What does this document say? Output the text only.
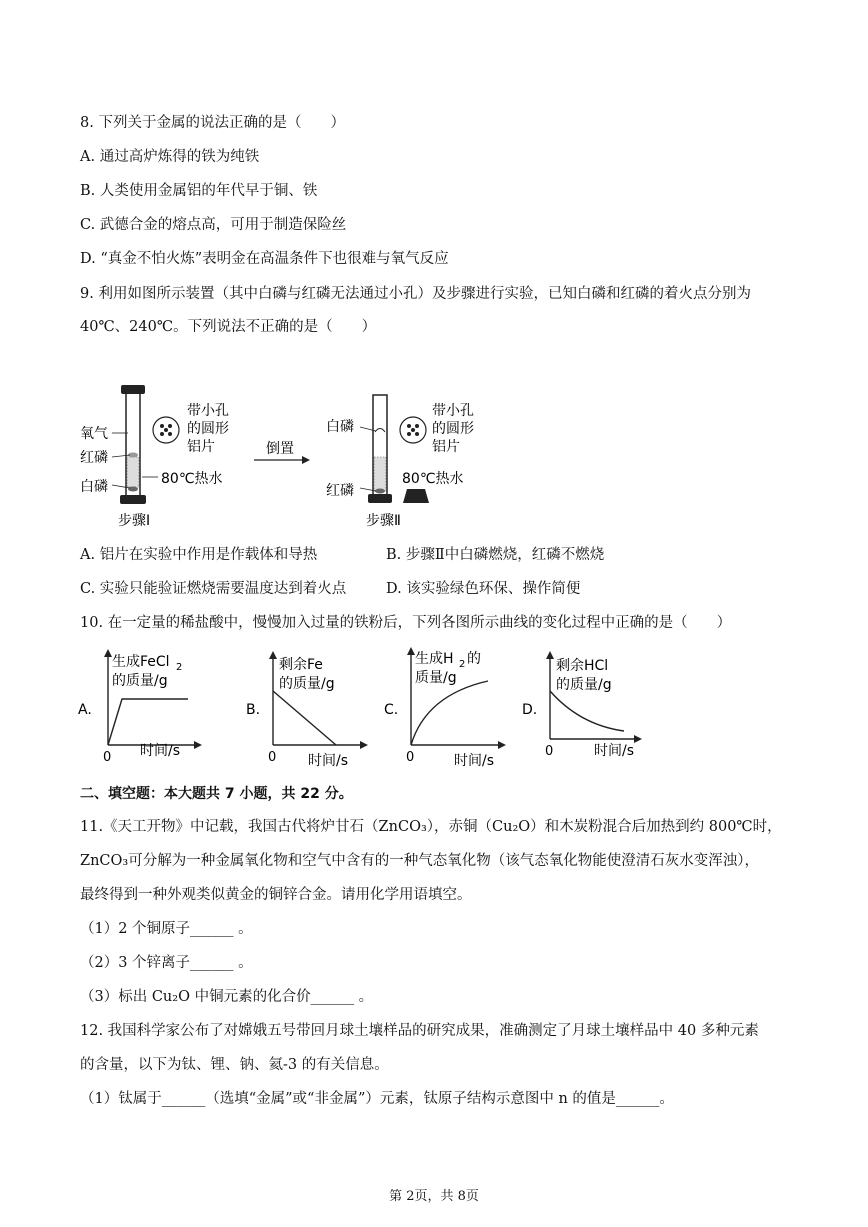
8. 下列关于金属的说法正确的是（　　）
A. 通过高炉炼得的铁为纯铁
B. 人类使用金属铝的年代早于铜、铁
C. 武德合金的熔点高，可用于制造保险丝
D. “真金不怕火炼”表明金在高温条件下也很难与氧气反应
9. 利用如图所示装置（其中白磷与红磷无法通过小孔）及步骤进行实验，已知白磷和红磷的着火点分别为
40℃、240℃。下列说法不正确的是（　　）
氧气
红磷
白磷
带小孔
的圆形
铝片
80℃热水
步骤Ⅰ
倒置
白磷
红磷
带小孔
的圆形
铝片
80℃热水
步骤Ⅱ
A. 铝片在实验中作用是作载体和导热	B. 步骤Ⅱ中白磷燃烧，红磷不燃烧
C. 实验只能验证燃烧需要温度达到着火点	D. 该实验绿色环保、操作简便
10. 在一定量的稀盐酸中，慢慢加入过量的铁粉后，下列各图所示曲线的变化过程中正确的是（　　）
A.
生成FeCl 2
的质量/g
0 时间/s
B.
剩余Fe
的质量/g
0 时间/s
C.
生成H 2 的
质量/g
0	时间/s
D.
剩余HCl
的质量/g
0	时间/s
二、填空题：本大题共 7 小题，共 22 分。
11.《天工开物》中记载，我国古代将炉甘石（ZnCO₃），赤铜（Cu₂O）和木炭粉混合后加热到约 800℃时，
ZnCO₃可分解为一种金属氧化物和空气中含有的一种气态氧化物（该气态氧化物能使澄清石灰水变浑浊），
最终得到一种外观类似黄金的铜锌合金。请用化学用语填空。
（1）2 个铜原子______ 。
（2）3 个锌离子______ 。
（3）标出 Cu₂O 中铜元素的化合价______ 。
12. 我国科学家公布了对嫦娥五号带回月球土壤样品的研究成果，准确测定了月球土壤样品中 40 多种元素
的含量，以下为钛、锂、钠、氦-3 的有关信息。
（1）钛属于______（选填“金属”或“非金属”）元素，钛原子结构示意图中 n 的值是______。
第 2页，共 8页
